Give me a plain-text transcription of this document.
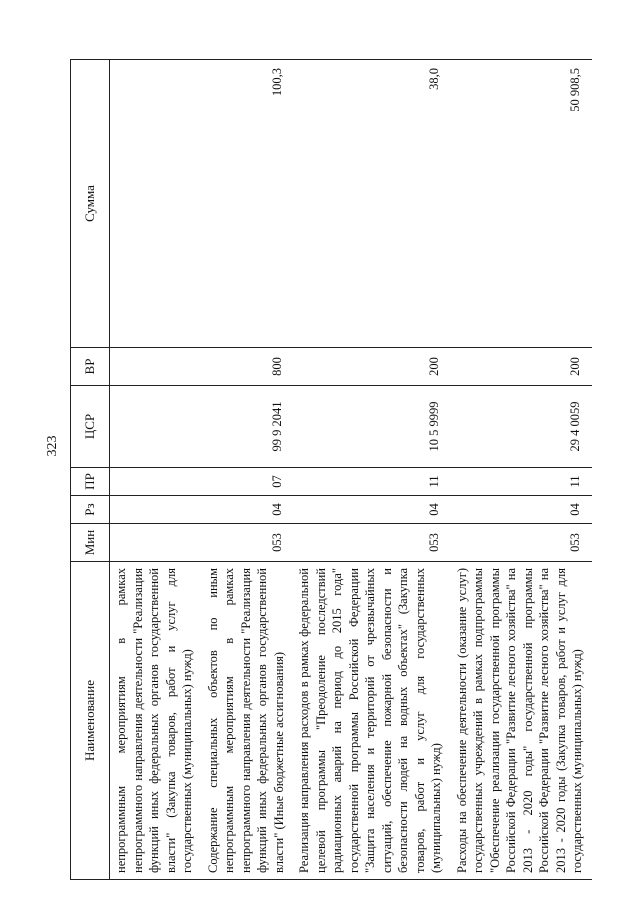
323
Наименование	Мин	Рз	ПР	ЦСР	ВР	Сумма
непрограммным мероприятиям в рамках непрограммного направления деятельности "Реализация функций иных федеральных органов государственной власти" (Закупка товаров, работ и услуг для государственных (муниципальных) нужд)						
Содержание специальных объектов по иным непрограммным мероприятиям в рамках непрограммного направления деятельности "Реализация функций иных федеральных органов государственной власти" (Иные бюджетные ассигнования)	053	04	07	99 9 2041	800	100,3
Реализация направления расходов в рамках федеральной целевой программы "Преодоление последствий радиационных аварий на период до 2015 года" государственной программы Российской Федерации "Защита населения и территорий от чрезвычайных ситуаций, обеспечение пожарной безопасности и безопасности людей на водных объектах" (Закупка товаров, работ и услуг для государственных (муниципальных) нужд)	053	04	11	10 5 9999	200	38,0
Расходы на обеспечение деятельности (оказание услуг) государственных учреждений в рамках подпрограммы "Обеспечение реализации государственной программы Российской Федерации "Развитие лесного хозяйства" на 2013 - 2020 годы" государственной программы Российской Федерации "Развитие лесного хозяйства" на 2013 - 2020 годы (Закупка товаров, работ и услуг для государственных (муниципальных) нужд)	053	04	11	29 4 0059	200	50 908,5
